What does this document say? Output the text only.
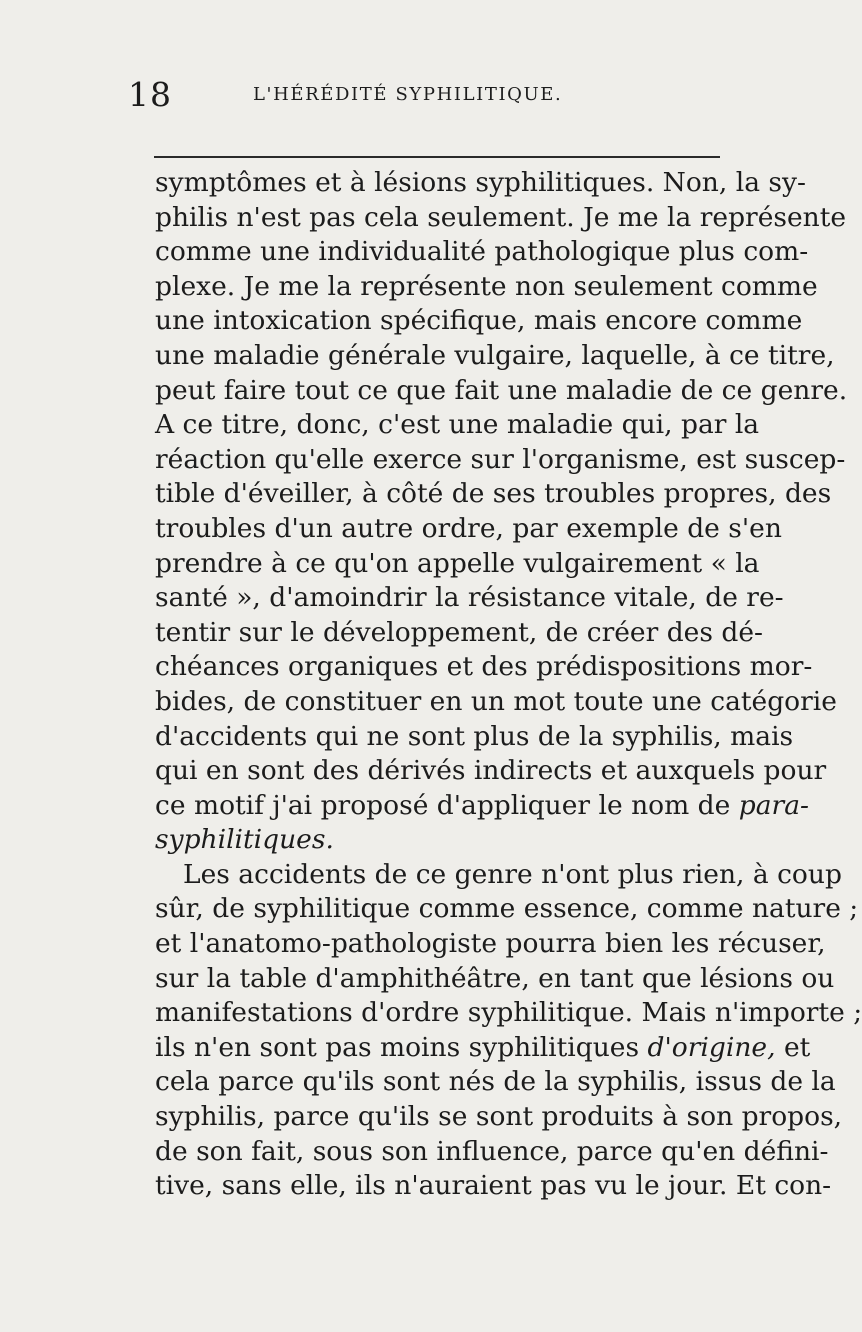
18	L'HÉRÉDITÉ SYPHILITIQUE.
symptômes et à lésions syphilitiques. Non, la sy-
philis n'est pas cela seulement. Je me la représente
comme une individualité pathologique plus com-
plexe. Je me la représente non seulement comme
une intoxication spécifique, mais encore comme
une maladie générale vulgaire, laquelle, à ce titre,
peut faire tout ce que fait une maladie de ce genre.
A ce titre, donc, c'est une maladie qui, par la
réaction qu'elle exerce sur l'organisme, est suscep-
tible d'éveiller, à côté de ses troubles propres, des
troubles d'un autre ordre, par exemple de s'en
prendre à ce qu'on appelle vulgairement « la
santé », d'amoindrir la résistance vitale, de re-
tentir sur le développement, de créer des dé-
chéances organiques et des prédispositions mor-
bides, de constituer en un mot toute une catégorie
d'accidents qui ne sont plus de la syphilis, mais
qui en sont des dérivés indirects et auxquels pour
ce motif j'ai proposé d'appliquer le nom de para-
syphilitiques.
Les accidents de ce genre n'ont plus rien, à coup
sûr, de syphilitique comme essence, comme nature ;
et l'anatomo-pathologiste pourra bien les récuser,
sur la table d'amphithéâtre, en tant que lésions ou
manifestations d'ordre syphilitique. Mais n'importe ;
ils n'en sont pas moins syphilitiques d'origine, et
cela parce qu'ils sont nés de la syphilis, issus de la
syphilis, parce qu'ils se sont produits à son propos,
de son fait, sous son influence, parce qu'en défini-
tive, sans elle, ils n'auraient pas vu le jour. Et con-
